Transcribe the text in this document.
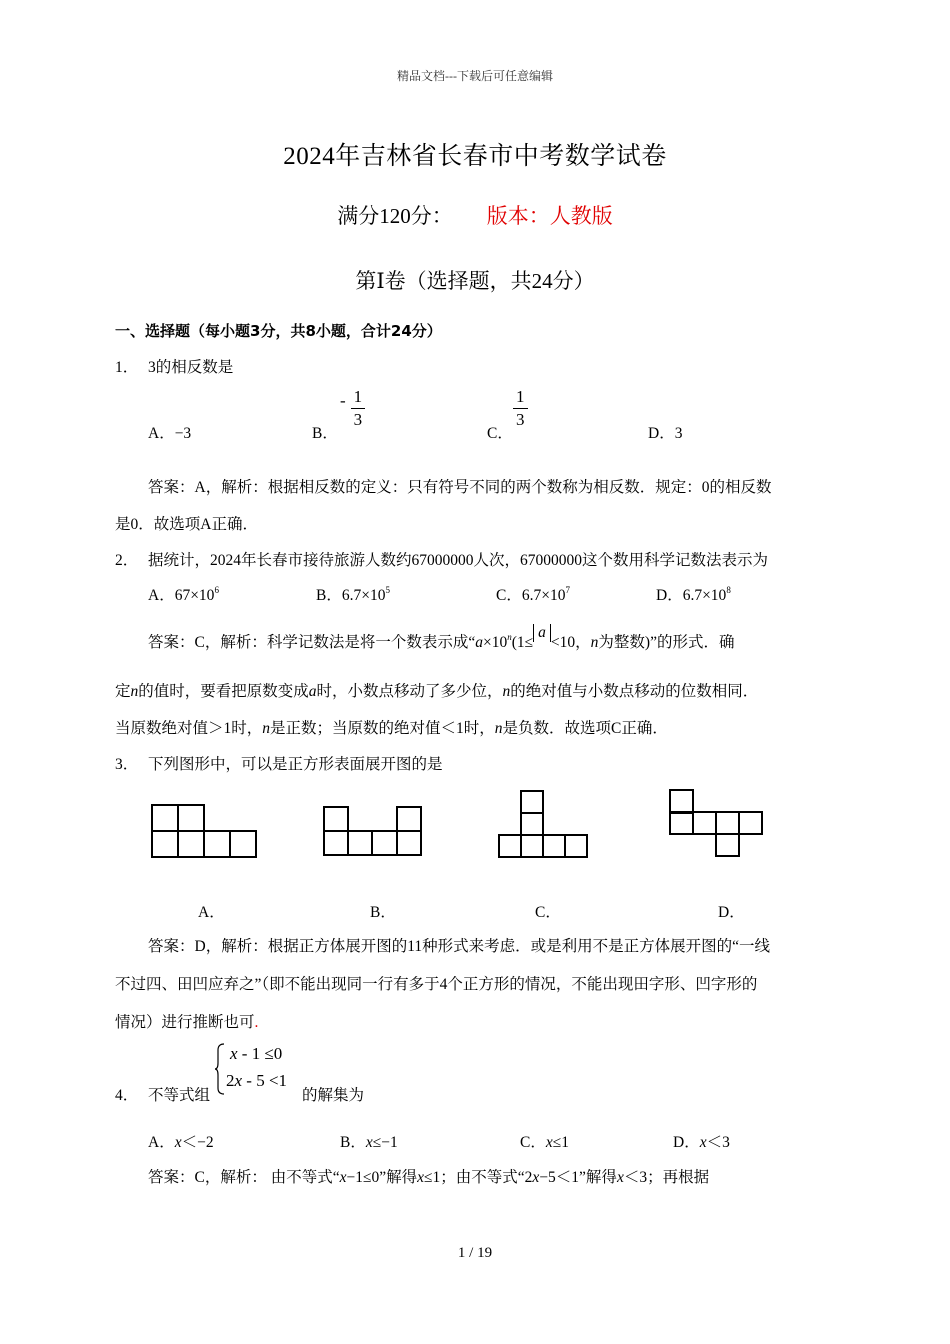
精品文档---下载后可任意编辑
2024年吉林省长春市中考数学试卷
满分120分： 版本：人教版
第Ⅰ卷（选择题，共24分）
一、选择题（每小题3分，共8小题，合计24分）
1． 3的相反数是
A．−3	B．
- $\frac{1}{3}$
C．
$\frac{1}{3}$
D．3
答案：A，解析：根据相反数的定义：只有符号不同的两个数称为相反数．规定：0的相反数
是0．故选项A正确．
2． 据统计，2024年长春市接待旅游人数约67000000人次，67000000这个数用科学记数法表示为
A．$67\times 10^6$	B．$6.7\times 10^5$	C．$6.7\times 10^7$	D．$6.7\times 10^8$
答案：C，解析：科学记数法是将一个数表示成“$a\times 10^n(1\le a<10$，n为整数)”的形式．确
定n的值时，要看把原数变成a时，小数点移动了多少位，n的绝对值与小数点移动的位数相同．
当原数绝对值＞1时，n是正数；当原数的绝对值＜1时，n是负数．故选项C正确．
3． 下列图形中，可以是正方形表面展开图的是
A．	B．	C．	D．
答案：D，解析：根据正方体展开图的11种形式来考虑．或是利用不是正方体展开图的“一线
不过四、田凹应弃之”（即不能出现同一行有多于4个正方形的情况，不能出现田字形、凹字形的
情况）进行推断也可.
4． 不等式组
x - 1 ≤0
2x - 5 <1
的解集为
A．x＜−2	B．x≤−1	C．x≤1	D．x＜3
答案：C，解析： 由不等式“x−1≤0”解得x≤1；由不等式“2x−5＜1”解得x＜3；再根据
1 / 19
